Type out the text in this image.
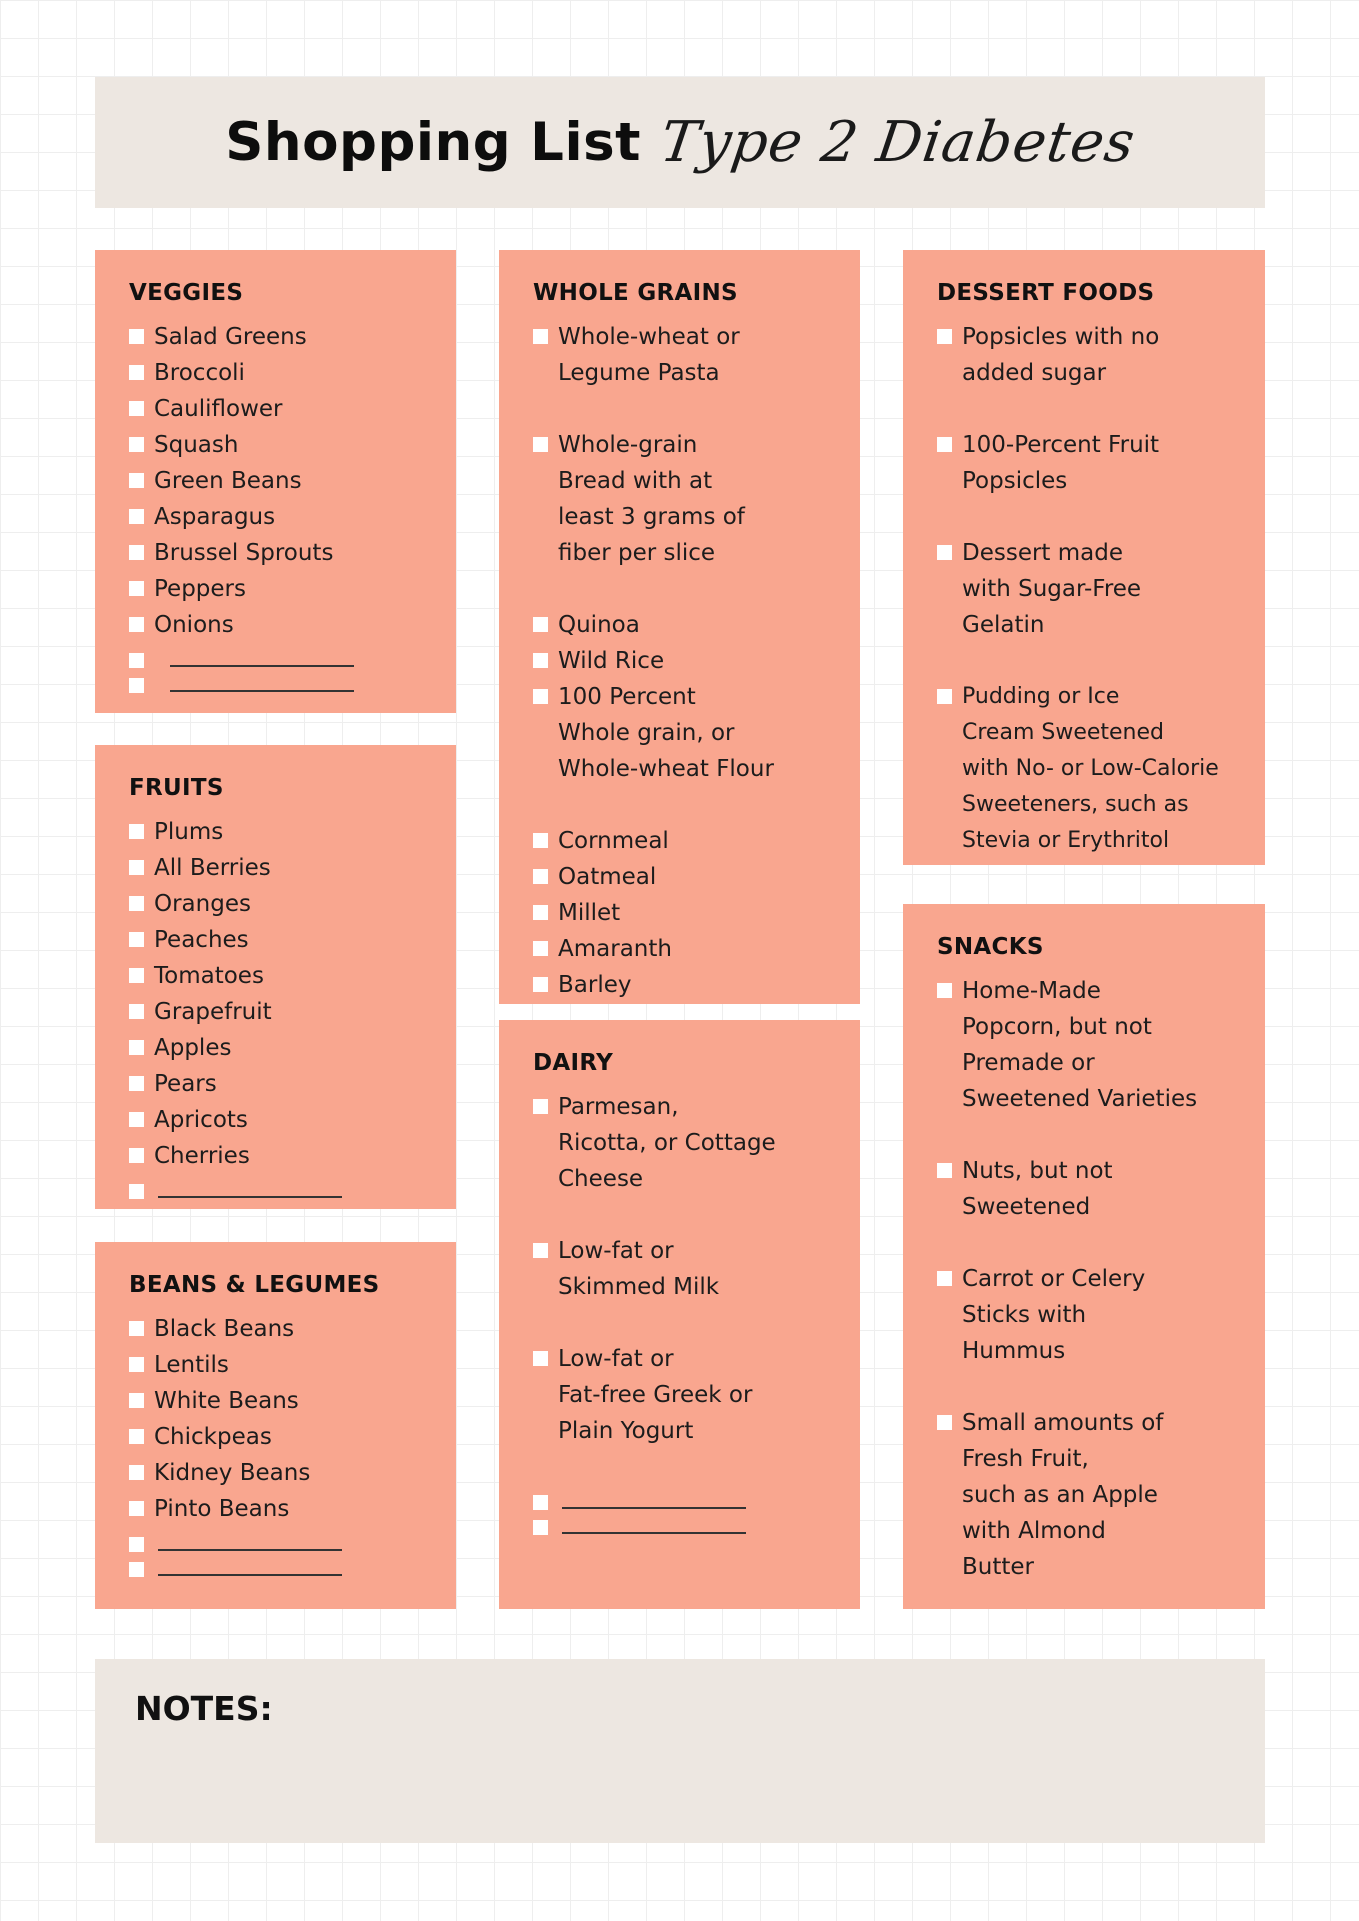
Shopping List Type 2 Diabetes
VEGGIES
Salad Greens
Broccoli
Cauliflower
Squash
Green Beans
Asparagus
Brussel Sprouts
Peppers
Onions
FRUITS
Plums
All Berries
Oranges
Peaches
Tomatoes
Grapefruit
Apples
Pears
Apricots
Cherries
BEANS & LEGUMES
Black Beans
Lentils
White Beans
Chickpeas
Kidney Beans
Pinto Beans
WHOLE GRAINS
Whole-wheat or
Legume Pasta
Whole-grain
Bread with at
least 3 grams of
fiber per slice
Quinoa
Wild Rice
100 Percent
Whole grain, or
Whole-wheat Flour
Cornmeal
Oatmeal
Millet
Amaranth
Barley
DAIRY
Parmesan,
Ricotta, or Cottage
Cheese
Low-fat or
Skimmed Milk
Low-fat or
Fat-free Greek or
Plain Yogurt
DESSERT FOODS
Popsicles with no
added sugar
100-Percent Fruit
Popsicles
Dessert made
with Sugar-Free
Gelatin
Pudding or Ice
Cream Sweetened
with No- or Low-Calorie
Sweeteners, such as
Stevia or Erythritol
SNACKS
Home-Made
Popcorn, but not
Premade or
Sweetened Varieties
Nuts, but not
Sweetened
Carrot or Celery
Sticks with
Hummus
Small amounts of
Fresh Fruit,
such as an Apple
with Almond
Butter
NOTES:
